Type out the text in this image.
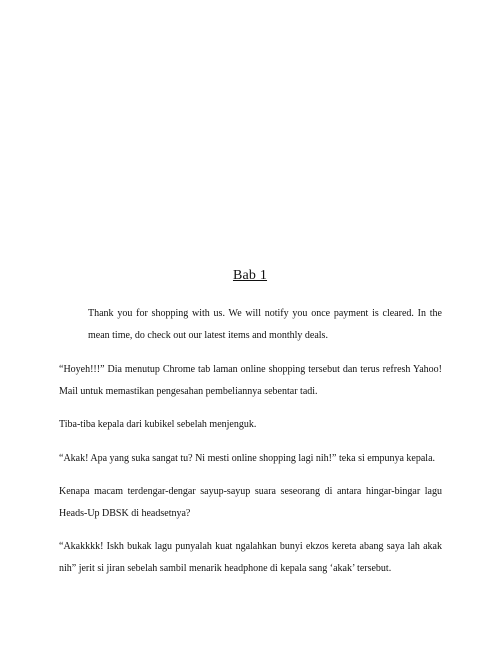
Bab 1

Thank you for shopping with us. We will notify you once payment is cleared. In the mean time, do check out our latest items and monthly deals.

“Hoyeh!!!” Dia menutup Chrome tab laman online shopping tersebut dan terus refresh Yahoo! Mail untuk memastikan pengesahan pembeliannya sebentar tadi.

Tiba-tiba kepala dari kubikel sebelah menjenguk.

“Akak! Apa yang suka sangat tu? Ni mesti online shopping lagi nih!” teka si empunya kepala.

Kenapa macam terdengar-dengar sayup-sayup suara seseorang di antara hingar-bingar lagu Heads-Up DBSK di headsetnya?

“Akakkkk! Iskh bukak lagu punyalah kuat ngalahkan bunyi ekzos kereta abang saya lah akak nih” jerit si jiran sebelah sambil menarik headphone di kepala sang ‘akak’ tersebut.
